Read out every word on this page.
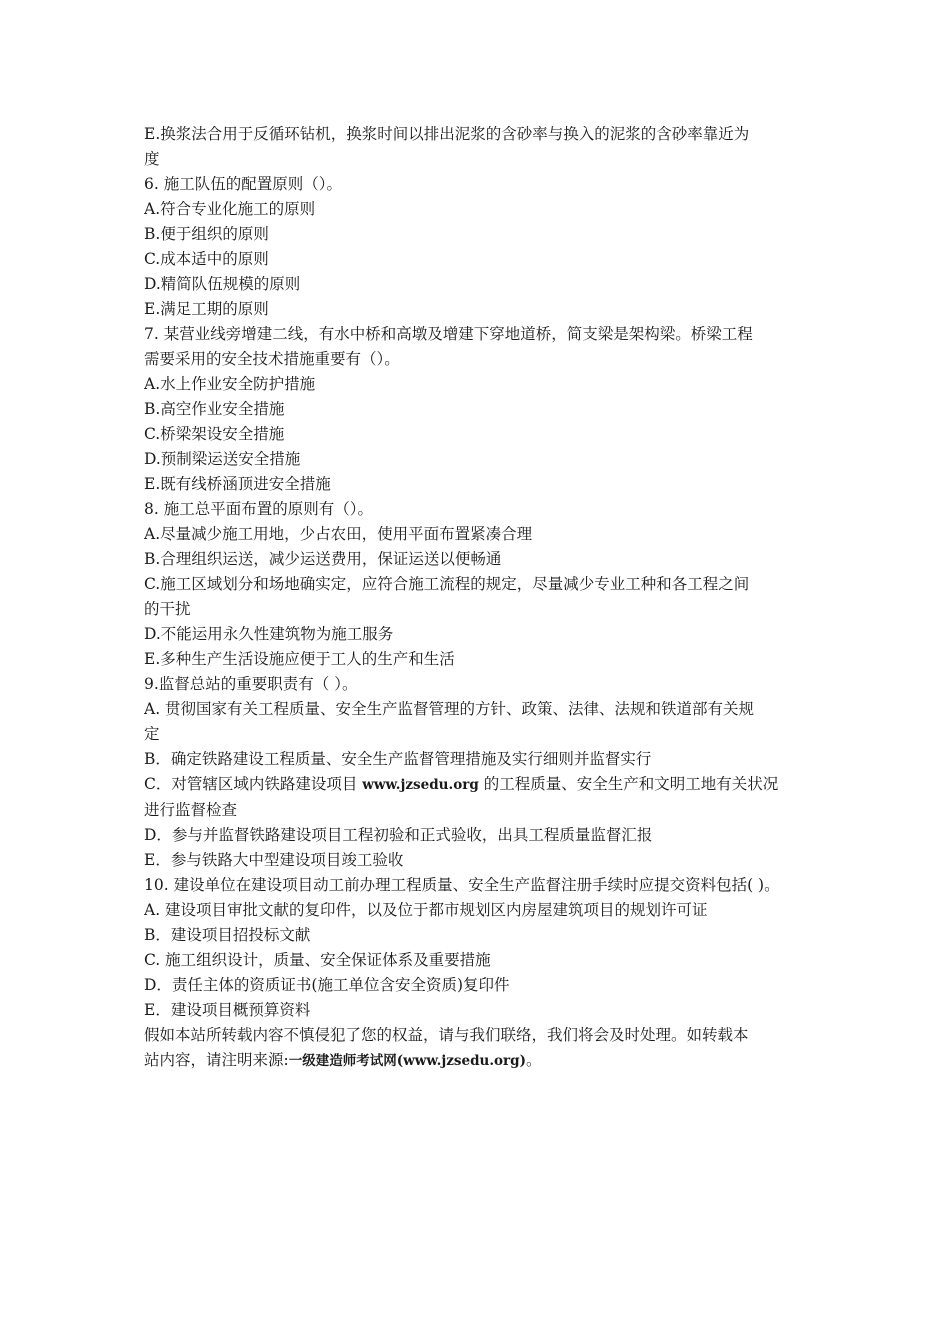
E.换浆法合用于反循环钻机，换浆时间以排出泥浆的含砂率与换入的泥浆的含砂率靠近为
度
6. 施工队伍的配置原则（）。
A.符合专业化施工的原则
B.便于组织的原则
C.成本适中的原则
D.精简队伍规模的原则
E.满足工期的原则
7. 某营业线旁增建二线，有水中桥和高墩及增建下穿地道桥，简支梁是架构梁。桥梁工程
需要采用的安全技术措施重要有（）。
A.水上作业安全防护措施
B.高空作业安全措施
C.桥梁架设安全措施
D.预制梁运送安全措施
E.既有线桥涵顶进安全措施
8. 施工总平面布置的原则有（）。
A.尽量减少施工用地，少占农田，使用平面布置紧凑合理
B.合理组织运送，减少运送费用，保证运送以便畅通
C.施工区域划分和场地确实定，应符合施工流程的规定，尽量减少专业工种和各工程之间
的干扰
D.不能运用永久性建筑物为施工服务
E.多种生产生活设施应便于工人的生产和生活
9.监督总站的重要职责有（ ）。
A. 贯彻国家有关工程质量、安全生产监督管理的方针、政策、法律、法规和铁道部有关规
定
B．确定铁路建设工程质量、安全生产监督管理措施及实行细则并监督实行
C．对管辖区域内铁路建设项目 www.jzsedu.org 的工程质量、安全生产和文明工地有关状况
进行监督检查
D．参与并监督铁路建设项目工程初验和正式验收，出具工程质量监督汇报
E．参与铁路大中型建设项目竣工验收
10. 建设单位在建设项目动工前办理工程质量、安全生产监督注册手续时应提交资料包括( )。
A. 建设项目审批文献的复印件，以及位于都市规划区内房屋建筑项目的规划许可证
B．建设项目招投标文献
C. 施工组织设计，质量、安全保证体系及重要措施
D．责任主体的资质证书(施工单位含安全资质)复印件
E．建设项目概预算资料
假如本站所转载内容不慎侵犯了您的权益，请与我们联络，我们将会及时处理。如转载本
站内容，请注明来源:一级建造师考试网(www.jzsedu.org)。
